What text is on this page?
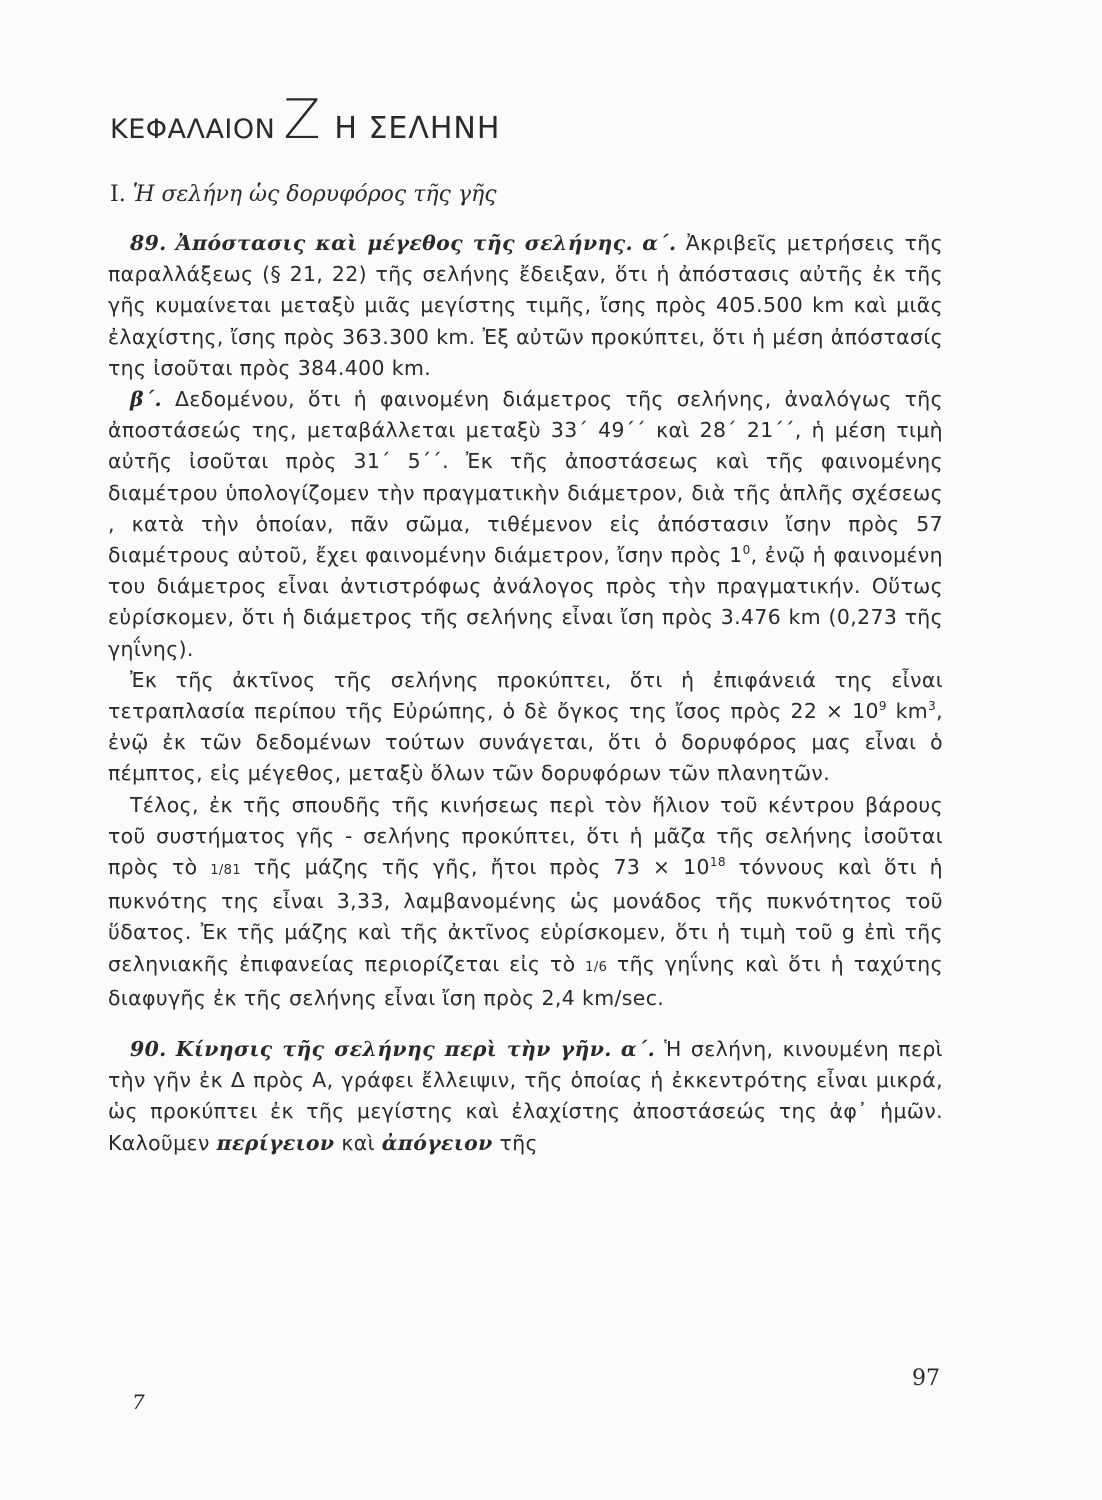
ΚΕΦΑΛΑΙΟΝ Z Η ΣΕΛΗΝΗ
I. Ἡ σελήνη ὡς δορυφόρος τῆς γῆς

89. Ἀπόστασις καὶ μέγεθος τῆς σελήνης. α΄. Ἀκριβεῖς μετρήσεις τῆς παραλλάξεως (§ 21, 22) τῆς σελήνης ἔδειξαν, ὅτι ἡ ἀπόστασις αὐτῆς ἐκ τῆς γῆς κυμαίνεται μεταξὺ μιᾶς μεγίστης τιμῆς, ἴσης πρὸς 405.500 km καὶ μιᾶς ἐλαχίστης, ἴσης πρὸς 363.300 km. Ἐξ αὐτῶν προκύπτει, ὅτι ἡ μέση ἀπόστασίς της ἰσοῦται πρὸς 384.400 km.

β΄. Δεδομένου, ὅτι ἡ φαινομένη διάμετρος τῆς σελήνης, ἀναλόγως τῆς ἀποστάσεώς της, μεταβάλλεται μεταξὺ 33΄ 49΄΄ καὶ 28΄ 21΄΄, ἡ μέση τιμὴ αὐτῆς ἰσοῦται πρὸς 31΄ 5΄΄. Ἐκ τῆς ἀποστάσεως καὶ τῆς φαινομένης διαμέτρου ὑπολογίζομεν τὴν πραγματικὴν διάμετρον, διὰ τῆς ἁπλῆς σχέσεως , κατὰ τὴν ὁποίαν, πᾶν σῶμα, τιθέμενον εἰς ἀπόστασιν ἴσην πρὸς 57 διαμέτρους αὐτοῦ, ἔχει φαινομένην διάμετρον, ἴσην πρὸς $1^0$, ἐνῷ ἡ φαινομένη του διάμετρος εἶναι ἀντιστρόφως ἀνάλογος πρὸς τὴν πραγματικήν. Οὕτως εὑρίσκομεν, ὅτι ἡ διάμετρος τῆς σελήνης εἶναι ἴση πρὸς 3.476 km (0,273 τῆς γηΐνης).

Ἐκ τῆς ἀκτῖνος τῆς σελήνης προκύπτει, ὅτι ἡ ἐπιφάνειά της εἶναι τετραπλασία περίπου τῆς Εὐρώπης, ὁ δὲ ὄγκος της ἴσος πρὸς $22 \times 10^9$ $km^3$, ἐνῷ ἐκ τῶν δεδομένων τούτων συνάγεται, ὅτι ὁ δορυφόρος μας εἶναι ὁ πέμπτος, εἰς μέγεθος, μεταξὺ ὅλων τῶν δορυφόρων τῶν πλανητῶν.

Τέλος, ἐκ τῆς σπουδῆς τῆς κινήσεως περὶ τὸν ἥλιον τοῦ κέντρου βάρους τοῦ συστήματος γῆς - σελήνης προκύπτει, ὅτι ἡ μᾶζα τῆς σελήνης ἰσοῦται πρὸς τὸ 1/81 τῆς μάζης τῆς γῆς, ἤτοι πρὸς $73 \times 10^{18}$ τόννους καὶ ὅτι ἡ πυκνότης της εἶναι 3,33, λαμβανομένης ὡς μονάδος τῆς πυκνότητος τοῦ ὕδατος. Ἐκ τῆς μάζης καὶ τῆς ἀκτῖνος εὑρίσκομεν, ὅτι ἡ τιμὴ τοῦ g ἐπὶ τῆς σεληνιακῆς ἐπιφανείας περιορίζεται εἰς τὸ 1/6 τῆς γηΐνης καὶ ὅτι ἡ ταχύτης διαφυγῆς ἐκ τῆς σελήνης εἶναι ἴση πρὸς 2,4 km/sec.

90. Κίνησις τῆς σελήνης περὶ τὴν γῆν. α΄. Ἡ σελήνη, κινουμένη περὶ τὴν γῆν ἐκ Δ πρὸς Α, γράφει ἔλλειψιν, τῆς ὁποίας ἡ ἐκκεντρότης εἶναι μικρά, ὡς προκύπτει ἐκ τῆς μεγίστης καὶ ἐλαχίστης ἀποστάσεώς της ἀφ᾽ ἡμῶν. Καλοῦμεν περίγειον καὶ ἀπόγειον τῆς

7
97
